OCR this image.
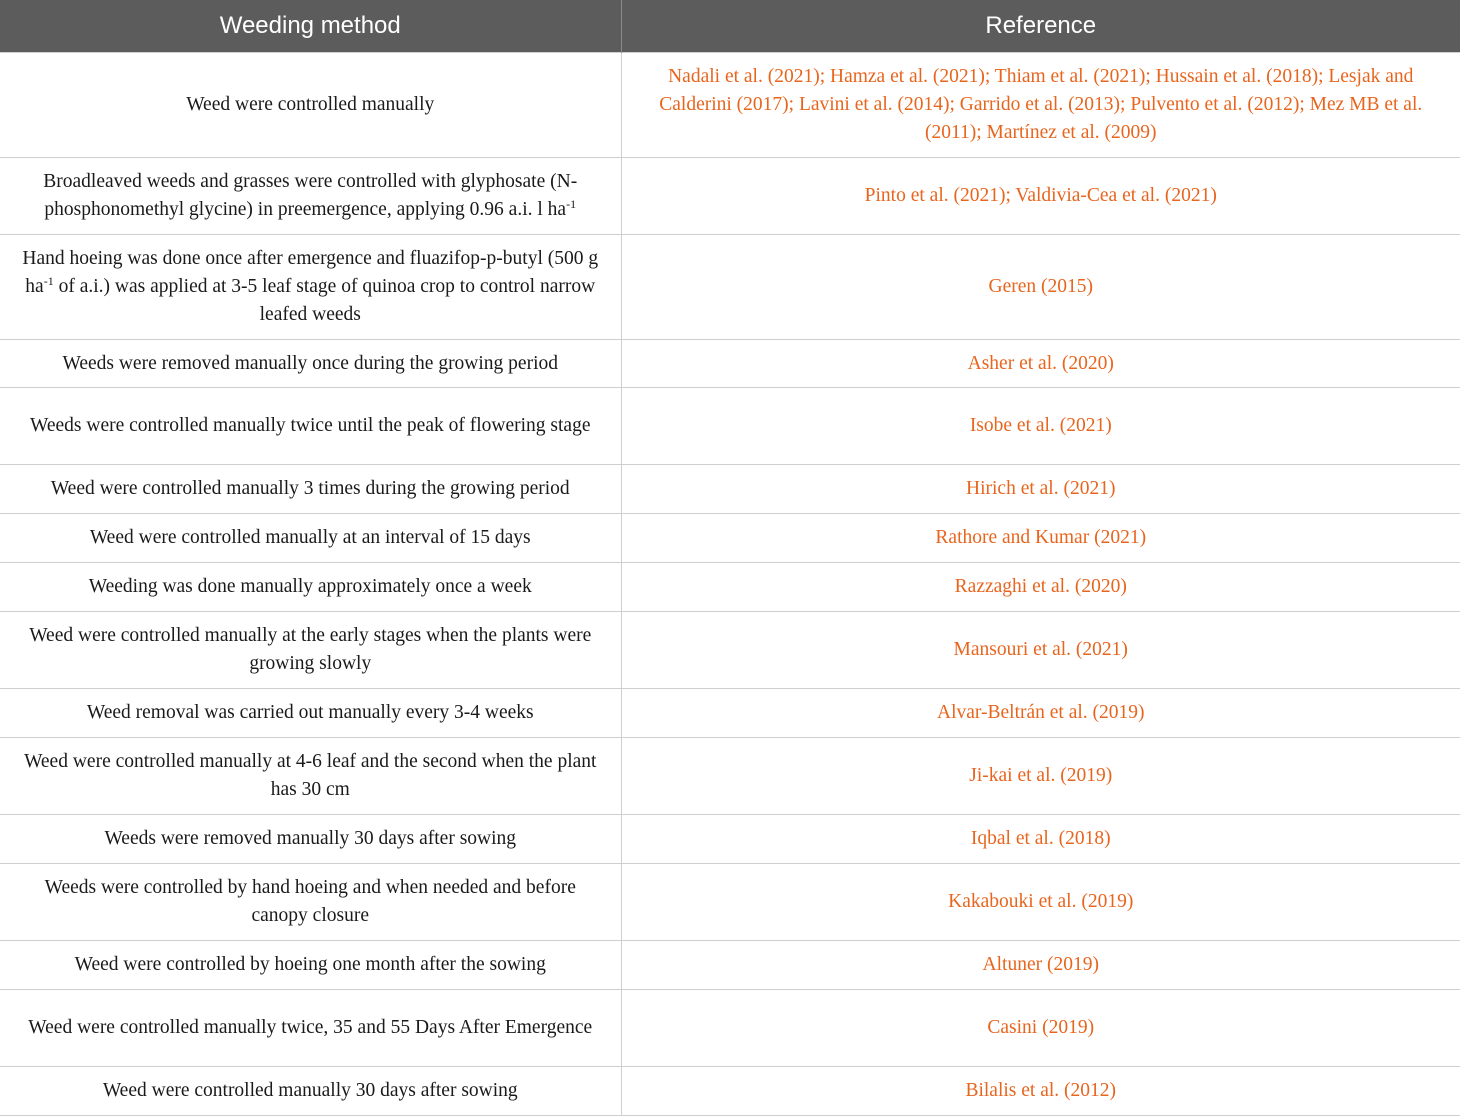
Weeding method	Reference
Weed were controlled manually	Nadali et al. (2021); Hamza et al. (2021); Thiam et al. (2021); Hussain et al. (2018); Lesjak and Calderini (2017); Lavini et al. (2014); Garrido et al. (2013); Pulvento et al. (2012); Mez MB et al. (2011); Martínez et al. (2009)
Broadleaved weeds and grasses were controlled with glyphosate (N-phosphonomethyl glycine) in preemergence, applying 0.96 a.i. l $ha^{-1}$	Pinto et al. (2021); Valdivia-Cea et al. (2021)
Hand hoeing was done once after emergence and fluazifop-p-butyl (500 g $ha^{-1}$ of a.i.) was applied at 3-5 leaf stage of quinoa crop to control narrow leafed weeds	Geren (2015)
Weeds were removed manually once during the growing period	Asher et al. (2020)
Weeds were controlled manually twice until the peak of flowering stage	Isobe et al. (2021)
Weed were controlled manually 3 times during the growing period	Hirich et al. (2021)
Weed were controlled manually at an interval of 15 days	Rathore and Kumar (2021)
Weeding was done manually approximately once a week	Razzaghi et al. (2020)
Weed were controlled manually at the early stages when the plants were growing slowly	Mansouri et al. (2021)
Weed removal was carried out manually every 3-4 weeks	Alvar-Beltrán et al. (2019)
Weed were controlled manually at 4-6 leaf and the second when the plant has 30 cm	Ji-kai et al. (2019)
Weeds were removed manually 30 days after sowing	Iqbal et al. (2018)
Weeds were controlled by hand hoeing and when needed and before canopy closure	Kakabouki et al. (2019)
Weed were controlled by hoeing one month after the sowing	Altuner (2019)
Weed were controlled manually twice, 35 and 55 Days After Emergence	Casini (2019)
Weed were controlled manually 30 days after sowing	Bilalis et al. (2012)
